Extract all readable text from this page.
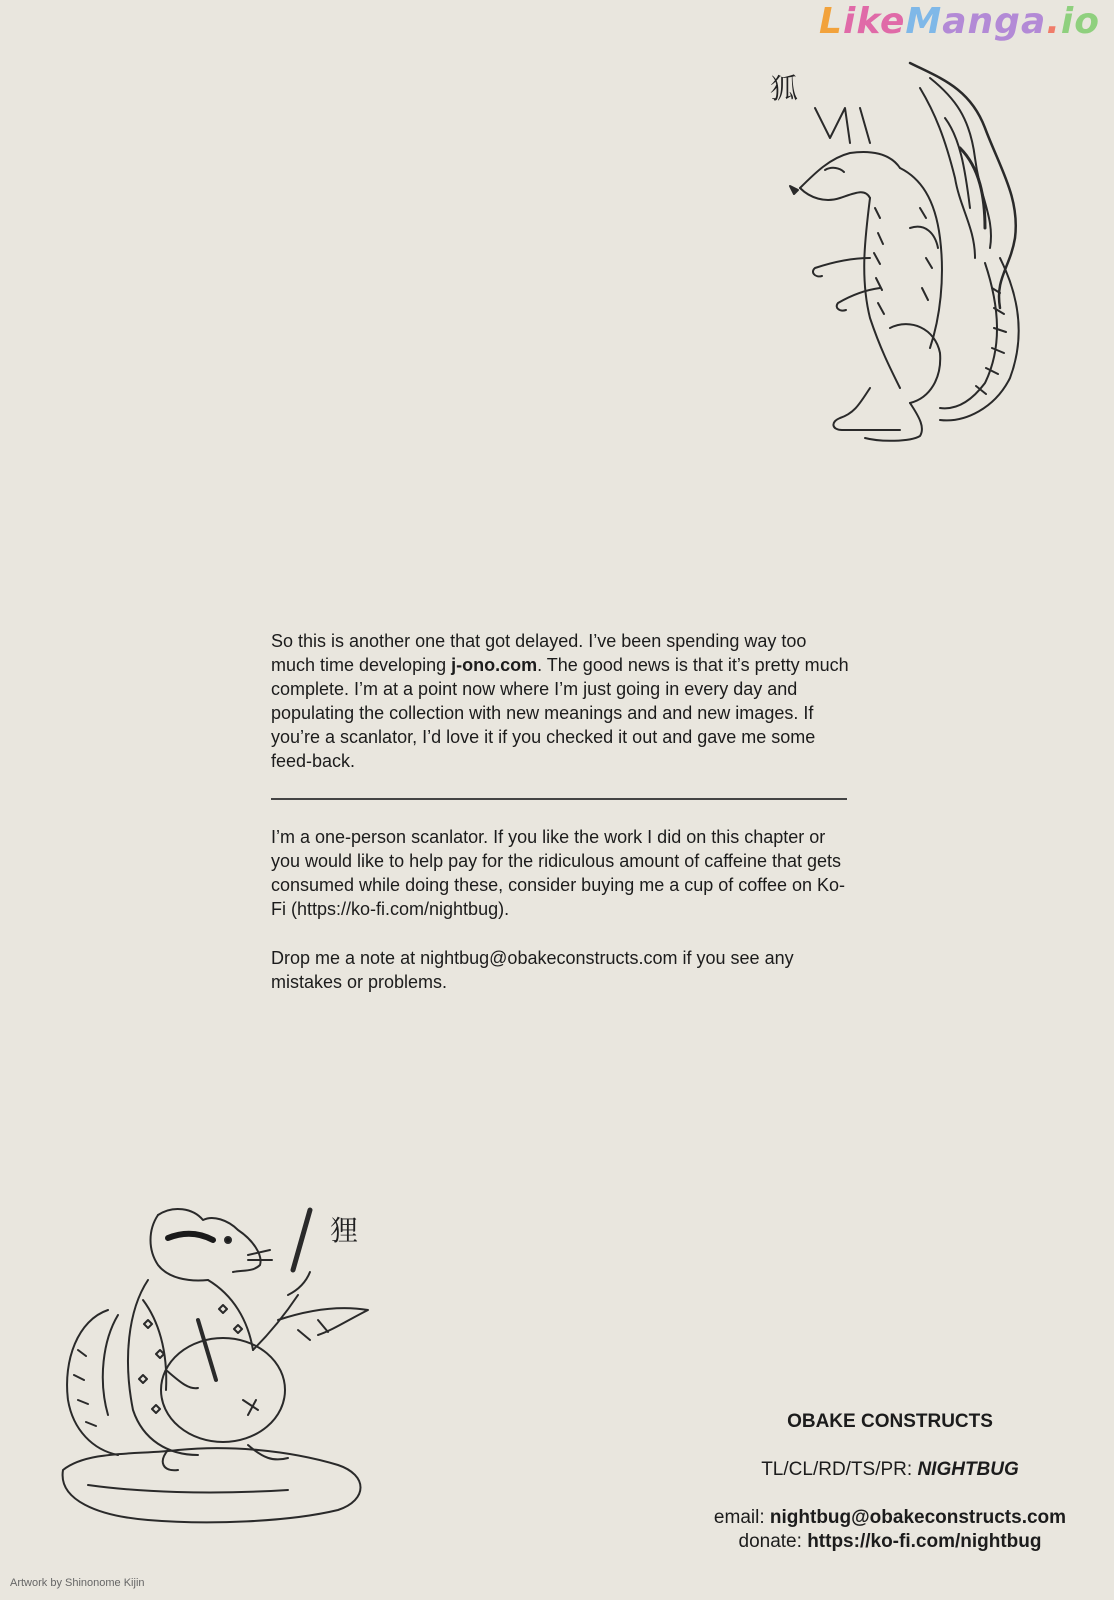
LikeManga.io
狐
狸

So this is another one that got delayed. I’ve been spending way too much time developing j-ono.com. The good news is that it’s pretty much complete. I’m at a point now where I’m just going in every day and populating the collection with new meanings and and new images. If you’re a scanlator, I’d love it if you checked it out and gave me some feed-back.

I’m a one-person scanlator. If you like the work I did on this chapter or you would like to help pay for the ridiculous amount of caffeine that gets consumed while doing these, consider buying me a cup of coffee on Ko-Fi (https://ko-fi.com/nightbug).

Drop me a note at nightbug@obakeconstructs.com if you see any mistakes or problems.

OBAKE CONSTRUCTS
TL/CL/RD/TS/PR: NIGHTBUG
email: nightbug@obakeconstructs.com
donate: https://ko-fi.com/nightbug
Artwork by Shinonome Kijin
